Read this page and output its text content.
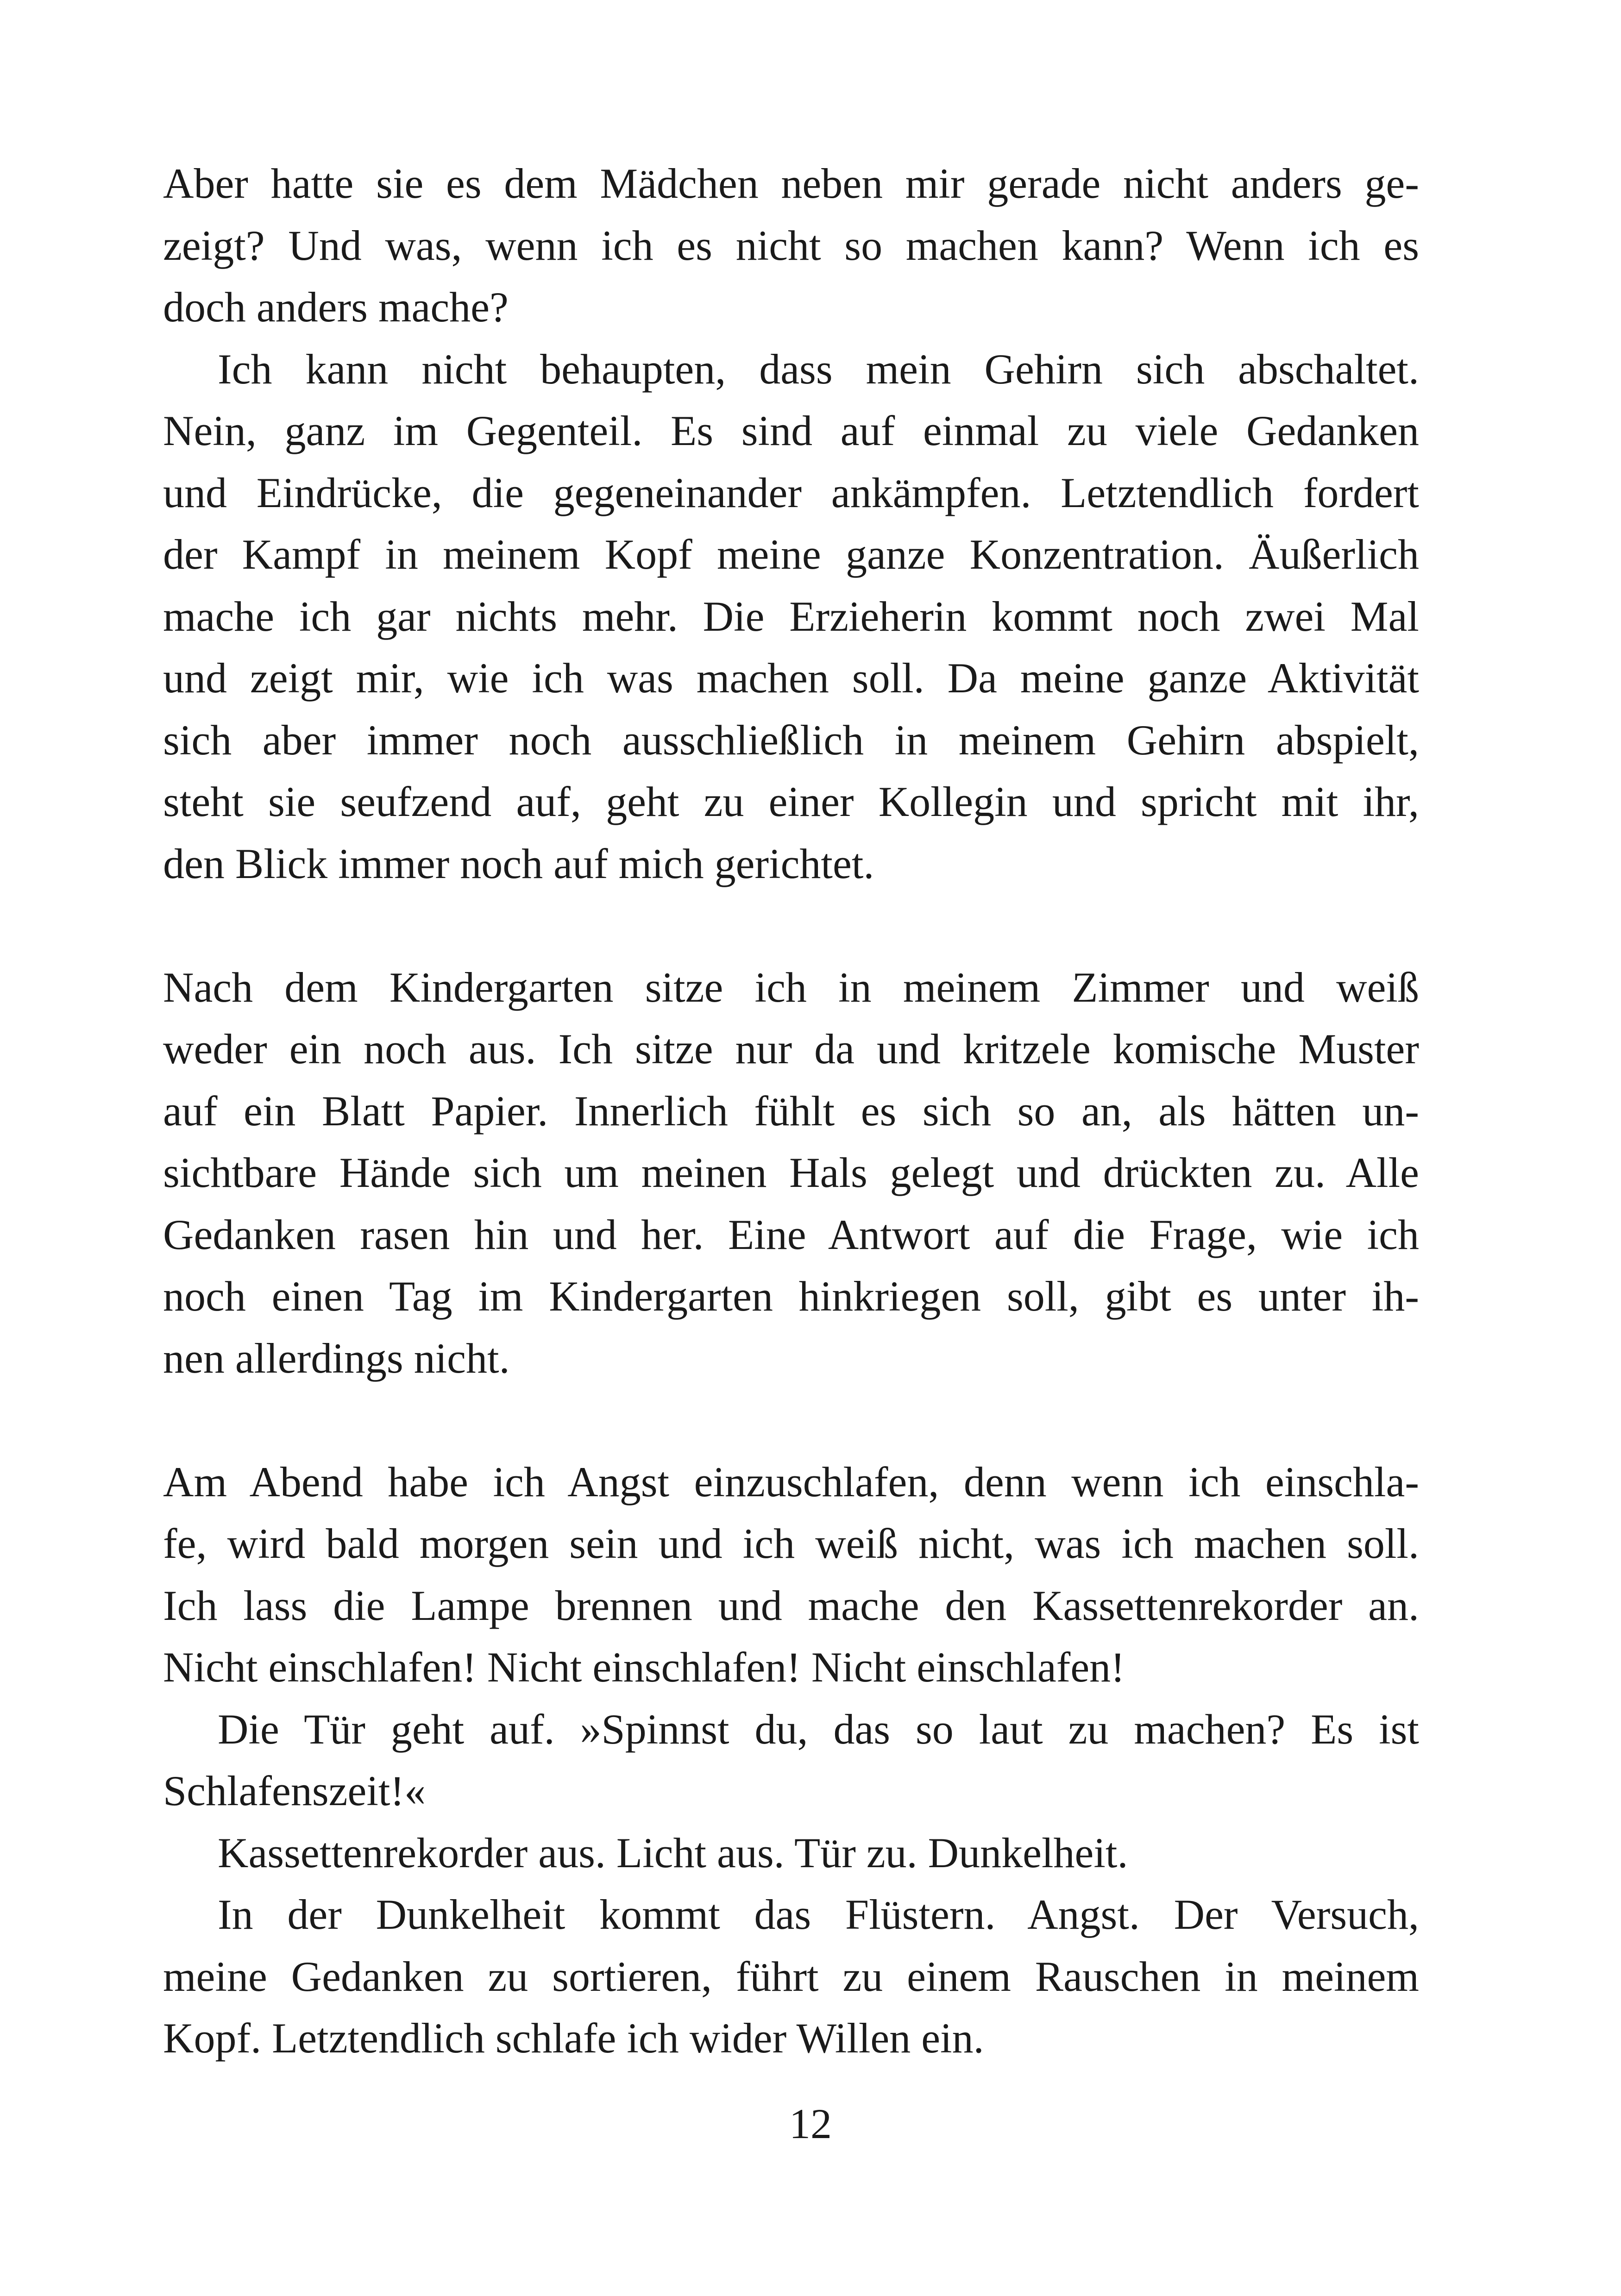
Aber hatte sie es dem Mädchen neben mir gerade nicht anders ge-
zeigt? Und was, wenn ich es nicht so machen kann? Wenn ich es
doch anders mache?
Ich kann nicht behaupten, dass mein Gehirn sich abschaltet.
Nein, ganz im Gegenteil. Es sind auf einmal zu viele Gedanken
und Eindrücke, die gegeneinander ankämpfen. Letztendlich fordert
der Kampf in meinem Kopf meine ganze Konzentration. Äußerlich
mache ich gar nichts mehr. Die Erzieherin kommt noch zwei Mal
und zeigt mir, wie ich was machen soll. Da meine ganze Aktivität
sich aber immer noch ausschließlich in meinem Gehirn abspielt,
steht sie seufzend auf, geht zu einer Kollegin und spricht mit ihr,
den Blick immer noch auf mich gerichtet.
Nach dem Kindergarten sitze ich in meinem Zimmer und weiß
weder ein noch aus. Ich sitze nur da und kritzele komische Muster
auf ein Blatt Papier. Innerlich fühlt es sich so an, als hätten un-
sichtbare Hände sich um meinen Hals gelegt und drückten zu. Alle
Gedanken rasen hin und her. Eine Antwort auf die Frage, wie ich
noch einen Tag im Kindergarten hinkriegen soll, gibt es unter ih-
nen allerdings nicht.
Am Abend habe ich Angst einzuschlafen, denn wenn ich einschla-
fe, wird bald morgen sein und ich weiß nicht, was ich machen soll.
Ich lass die Lampe brennen und mache den Kassettenrekorder an.
Nicht einschlafen! Nicht einschlafen! Nicht einschlafen!
Die Tür geht auf. »Spinnst du, das so laut zu machen? Es ist
Schlafenszeit!«
Kassettenrekorder aus. Licht aus. Tür zu. Dunkelheit.
In der Dunkelheit kommt das Flüstern. Angst. Der Versuch,
meine Gedanken zu sortieren, führt zu einem Rauschen in meinem
Kopf. Letztendlich schlafe ich wider Willen ein.
12
